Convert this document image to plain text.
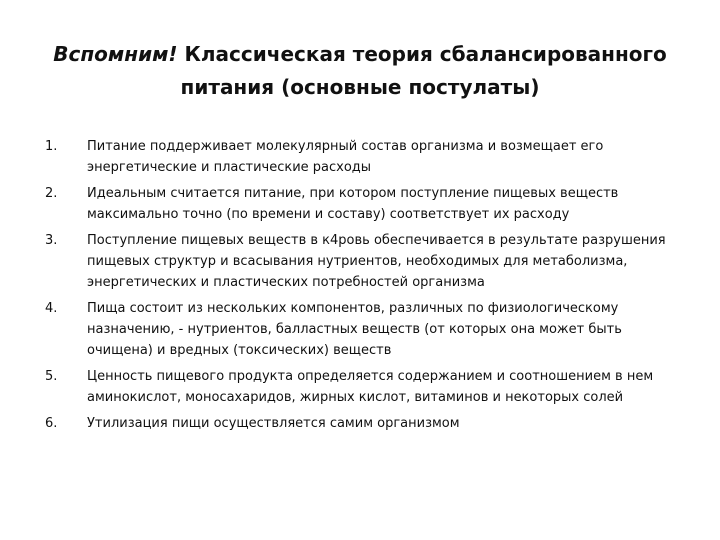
Вспомним! Классическая теория сбалансированного питания (основные постулаты)
1.	Питание поддерживает молекулярный состав организма и возмещает его энергетические и пластические расходы
2.	Идеальным считается питание, при котором поступление пищевых веществ максимально точно (по времени и составу) соответствует их расходу
3.	Поступление пищевых веществ в к4ровь обеспечивается в результате разрушения пищевых структур и всасывания нутриентов, необходимых для метаболизма, энергетических и пластических потребностей организма
4.	Пища состоит из нескольких компонентов, различных по физиологическому назначению, - нутриентов, балластных веществ (от которых она может быть очищена) и вредных (токсических) веществ
5.	Ценность пищевого продукта определяется содержанием и соотношением в нем аминокислот, моносахаридов, жирных кислот, витаминов и некоторых солей
6.	Утилизация пищи осуществляется самим организмом
